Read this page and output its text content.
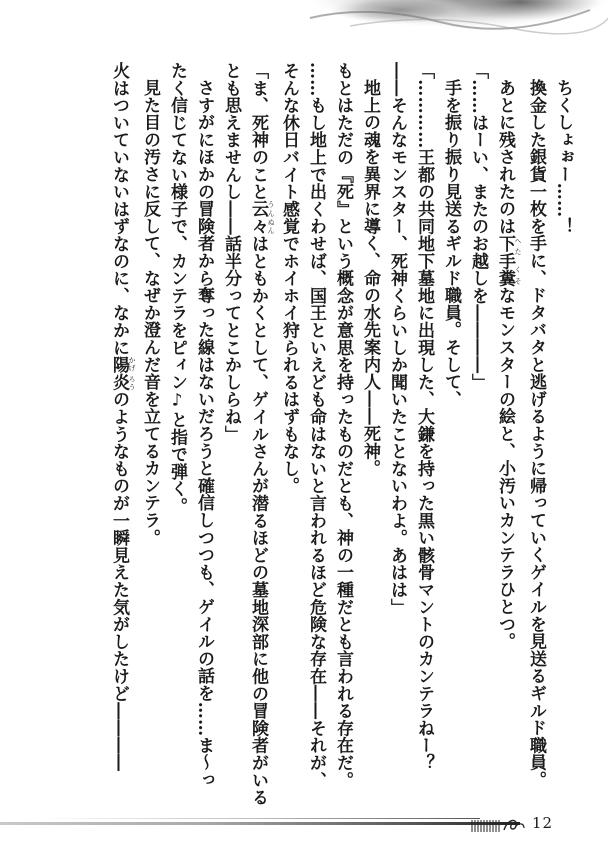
ちくしょぉー……！

換金した銀貨一枚を手に、ドタバタと逃げるように帰っていくゲイルを見送るギルド職員。

あとに残されたのは下手糞 へた くそなモンスターの絵と、小汚いカンテラひとつ。

「……はーい、またのお越しを――――」

手を振り振り見送るギルド職員。そして、

「…………王都の共同地下墓地に出現した、大鎌を持った黒い骸骨マントのカンテラねー？

――そんなモンスター、死神くらいしか聞いたことないわよ。あはは」

地上の魂を異界に導く、命の水先案内人――死神。

もとはただの『死』という概念が意思を持ったものだとも、神の一種だとも言われる存在だ。

……もし地上で出くわせば、国王といえども命はないと言われるほど危険な存在――それが、

そんな休日バイト感覚でホイホイ狩られるはずもなし。

「ま、死神のこと云々 うんぬんはともかくとして、ゲイルさんが潜るほどの墓地深部に他の冒険者がいる

とも思えませんし――話半分ってとこかしらね」

さすがにほかの冒険者から奪った線はないだろうと確信しつつも、ゲイルの話を……ま～っ

たく信じてない様子で、カンテラをピィン♪と指で弾く。

見た目の汚さに反して、なぜか澄んだ音を立てるカンテラ。

火はついていないはずなのに、なかに陽炎 かげ ろうのようなものが一瞬見えた気がしたけど――――

12
